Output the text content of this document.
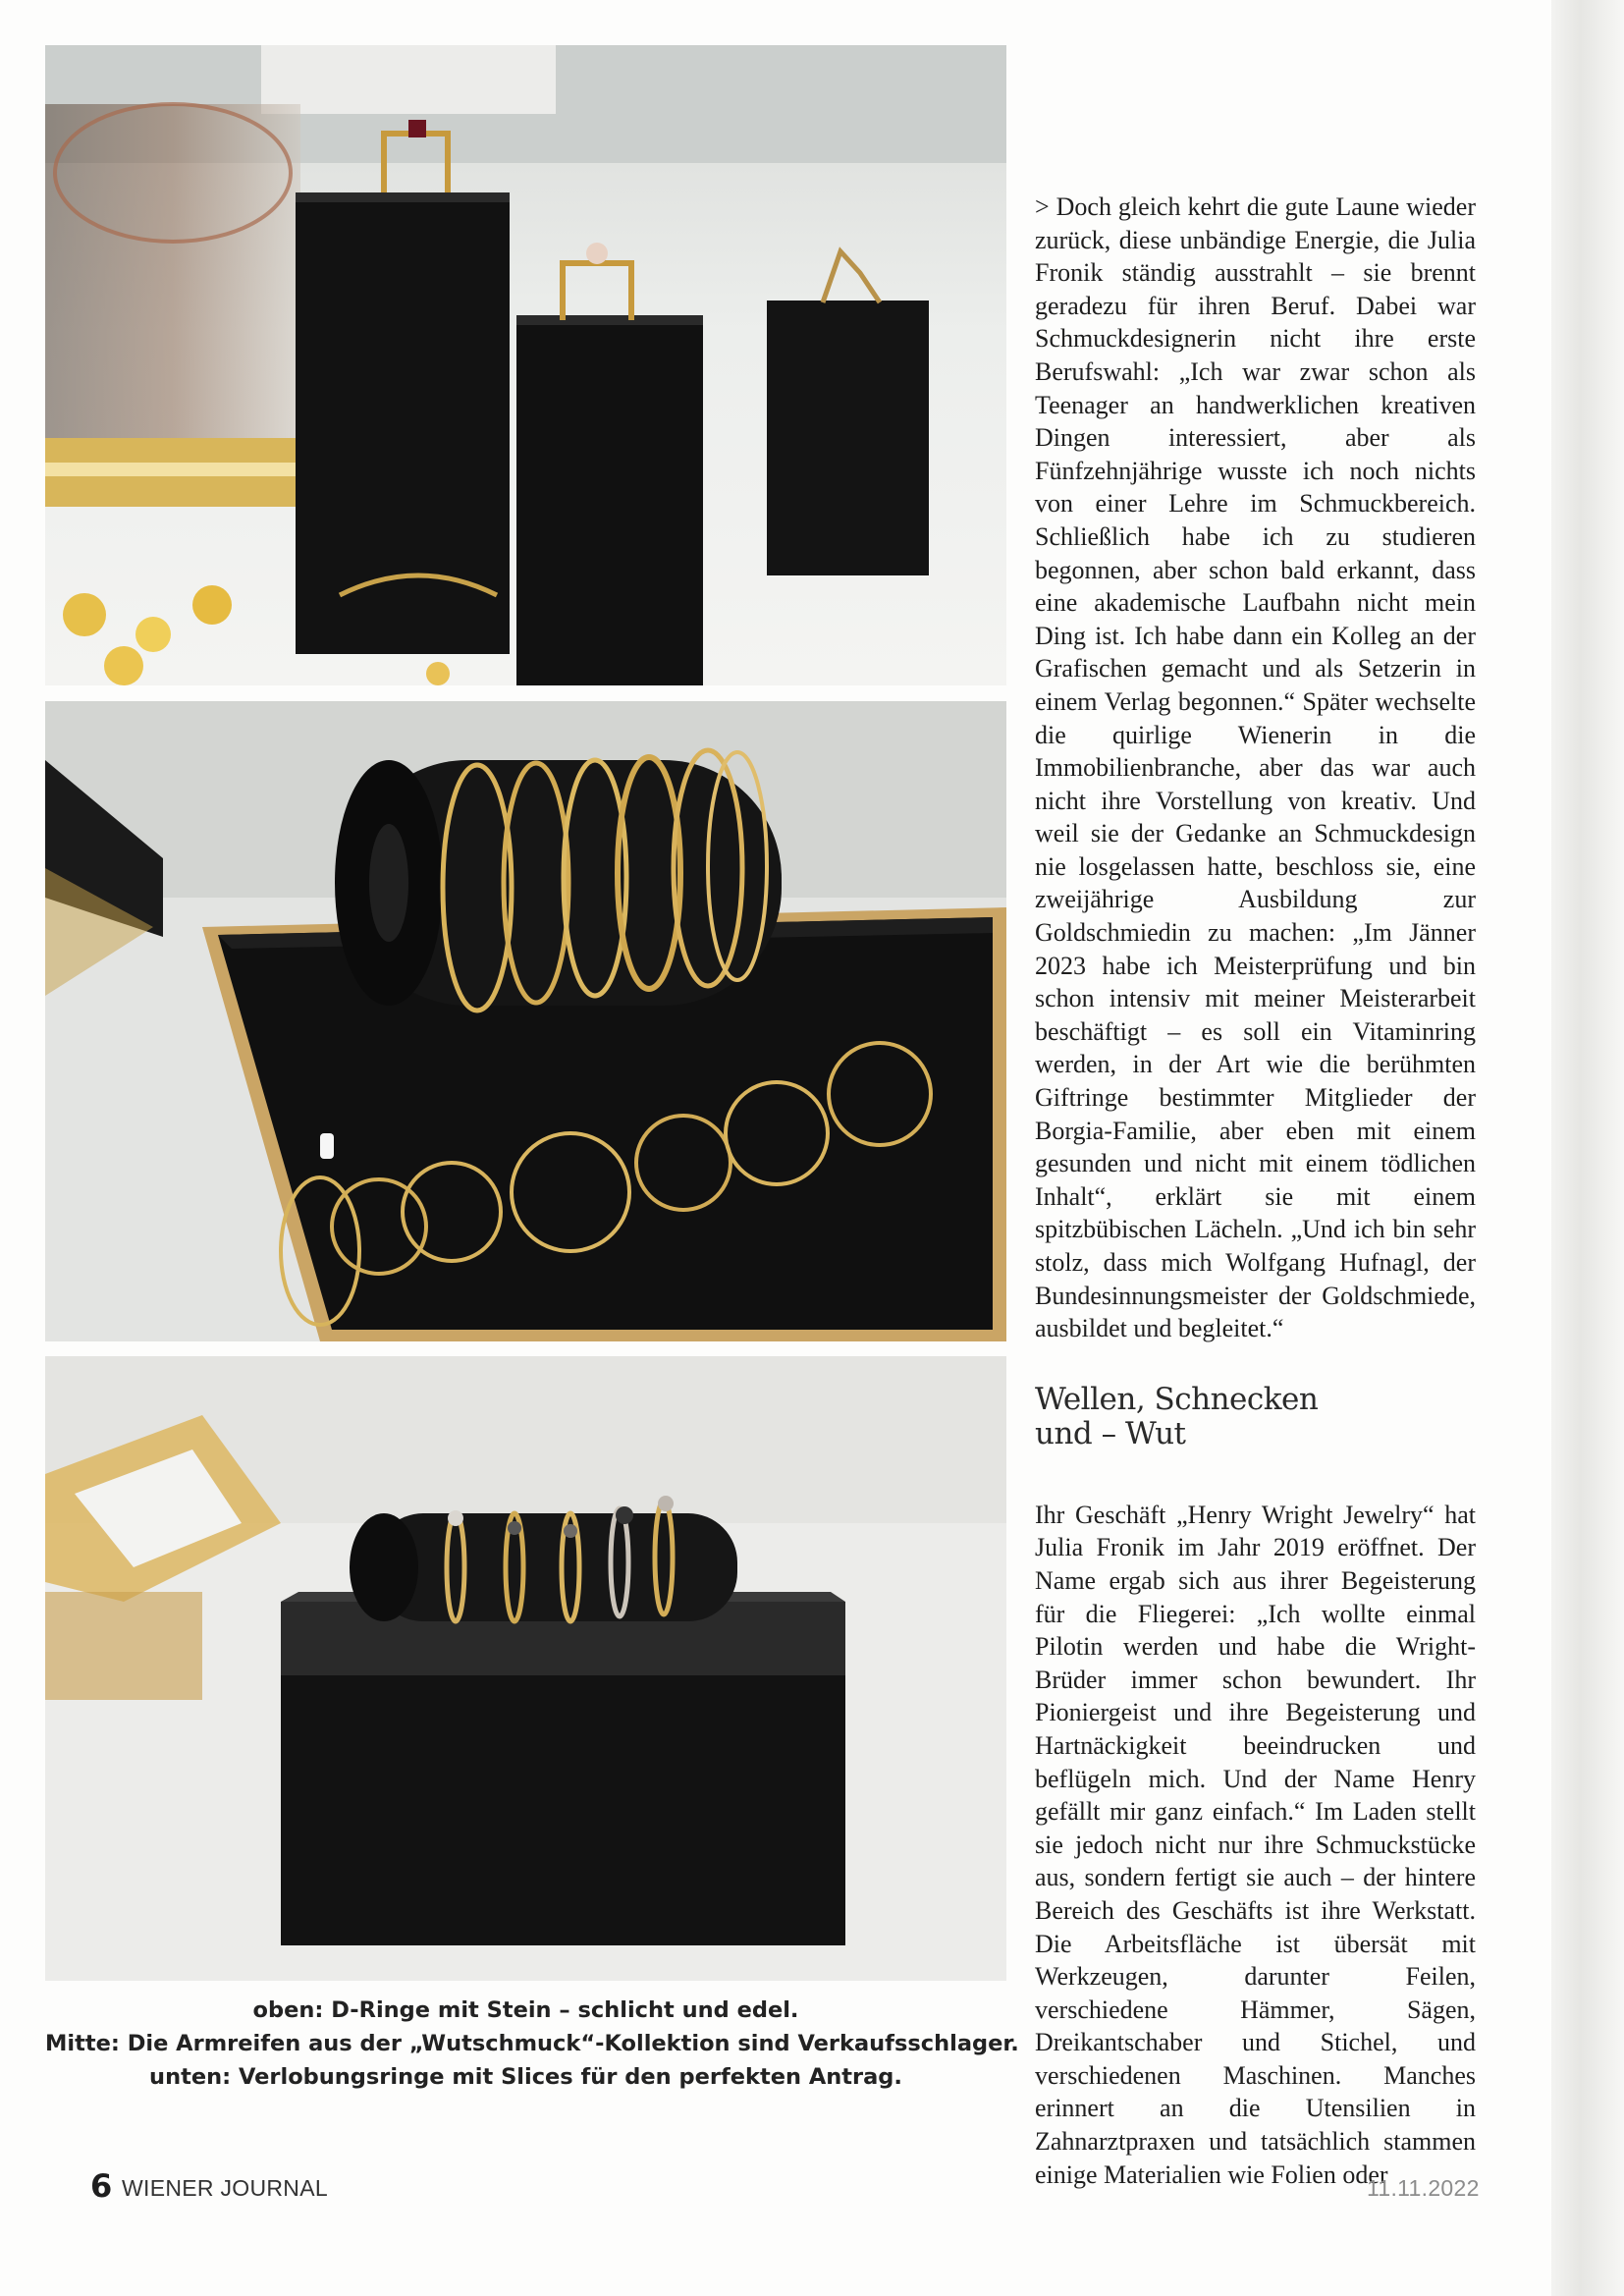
oben: D-Ringe mit Stein – schlicht und edel.
Mitte: Die Armreifen aus der „Wutschmuck“-Kollektion sind Verkaufsschlager.
unten: Verlobungsringe mit Slices für den perfekten Antrag.

> Doch gleich kehrt die gute Laune wieder zurück, diese unbändige Energie, die Julia Fronik ständig ausstrahlt – sie brennt geradezu für ihren Beruf. Dabei war Schmuckdesignerin nicht ihre erste Berufswahl: „Ich war zwar schon als Teenager an handwerklichen kreativen Dingen interessiert, aber als Fünfzehnjährige wusste ich noch nichts von einer Lehre im Schmuckbereich. Schließlich habe ich zu studieren begonnen, aber schon bald erkannt, dass eine akademische Laufbahn nicht mein Ding ist. Ich habe dann ein Kolleg an der Grafischen gemacht und als Setzerin in einem Verlag begonnen.“ Später wechselte die quirlige Wienerin in die Immobilienbranche, aber das war auch nicht ihre Vorstellung von kreativ. Und weil sie der Gedanke an Schmuckdesign nie losgelassen hatte, beschloss sie, eine zweijährige Ausbildung zur Goldschmiedin zu machen: „Im Jänner 2023 habe ich Meisterprüfung und bin schon intensiv mit meiner Meisterarbeit beschäftigt – es soll ein Vitaminring werden, in der Art wie die berühmten Giftringe bestimmter Mitglieder der Borgia-Familie, aber eben mit einem gesunden und nicht mit einem tödlichen Inhalt“, erklärt sie mit einem spitzbübischen Lächeln. „Und ich bin sehr stolz, dass mich Wolfgang Hufnagl, der Bundesinnungsmeister der Goldschmiede, ausbildet und begleitet.“

Wellen, Schnecken
und – Wut

Ihr Geschäft „Henry Wright Jewelry“ hat Julia Fronik im Jahr 2019 eröffnet. Der Name ergab sich aus ihrer Begeisterung für die Fliegerei: „Ich wollte einmal Pilotin werden und habe die Wright-Brüder immer schon bewundert. Ihr Pioniergeist und ihre Begeisterung und Hartnäckigkeit beeindrucken und beflügeln mich. Und der Name Henry gefällt mir ganz einfach.“ Im Laden stellt sie jedoch nicht nur ihre Schmuckstücke aus, sondern fertigt sie auch – der hintere Bereich des Geschäfts ist ihre Werkstatt. Die Arbeitsfläche ist übersät mit Werkzeugen, darunter Feilen, verschiedene Hämmer, Sägen, Dreikantschaber und Stichel, und verschiedenen Maschinen. Manches erinnert an die Utensilien in Zahnarztpraxen und tatsächlich stammen einige Materialien wie Folien oder

6 WIENER JOURNAL	11.11.2022
